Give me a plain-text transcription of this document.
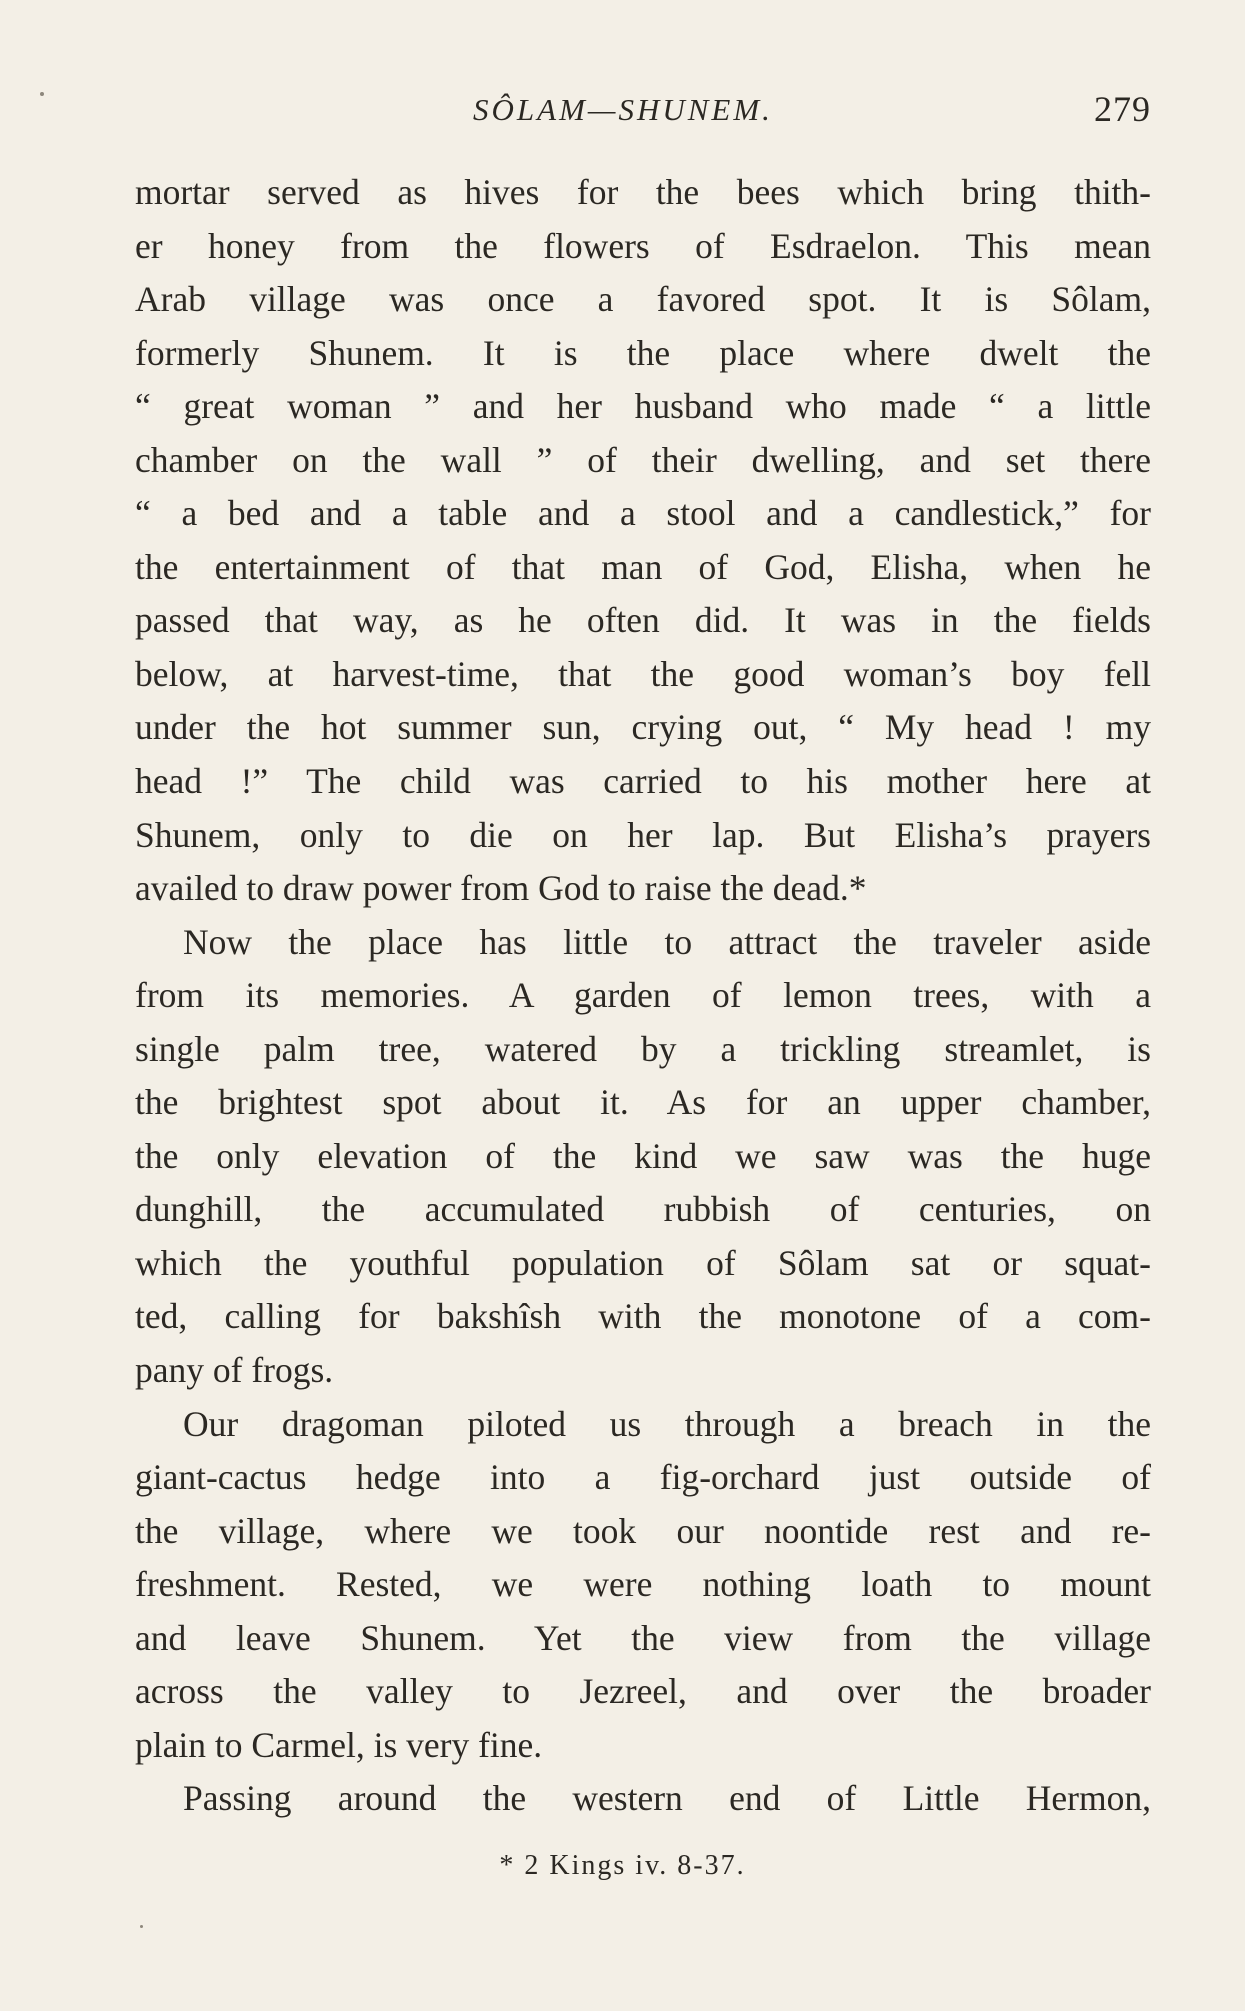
SÔLAM—SHUNEM.	279
mortar served as hives for the bees which bring thith-
er honey from the flowers of Esdraelon. This mean
Arab village was once a favored spot. It is Sôlam,
formerly Shunem. It is the place where dwelt the
“ great woman ” and her husband who made “ a little
chamber on the wall ” of their dwelling, and set there
“ a bed and a table and a stool and a candlestick,” for
the entertainment of that man of God, Elisha, when he
passed that way, as he often did. It was in the fields
below, at harvest-time, that the good woman’s boy fell
under the hot summer sun, crying out, “ My head ! my
head !” The child was carried to his mother here at
Shunem, only to die on her lap. But Elisha’s prayers
availed to draw power from God to raise the dead.*
Now the place has little to attract the traveler aside
from its memories. A garden of lemon trees, with a
single palm tree, watered by a trickling streamlet, is
the brightest spot about it. As for an upper chamber,
the only elevation of the kind we saw was the huge
dunghill, the accumulated rubbish of centuries, on
which the youthful population of Sôlam sat or squat-
ted, calling for bakshîsh with the monotone of a com-
pany of frogs.
Our dragoman piloted us through a breach in the
giant-cactus hedge into a fig-orchard just outside of
the village, where we took our noontide rest and re-
freshment. Rested, we were nothing loath to mount
and leave Shunem. Yet the view from the village
across the valley to Jezreel, and over the broader
plain to Carmel, is very fine.
Passing around the western end of Little Hermon,
* 2 Kings iv. 8-37.
